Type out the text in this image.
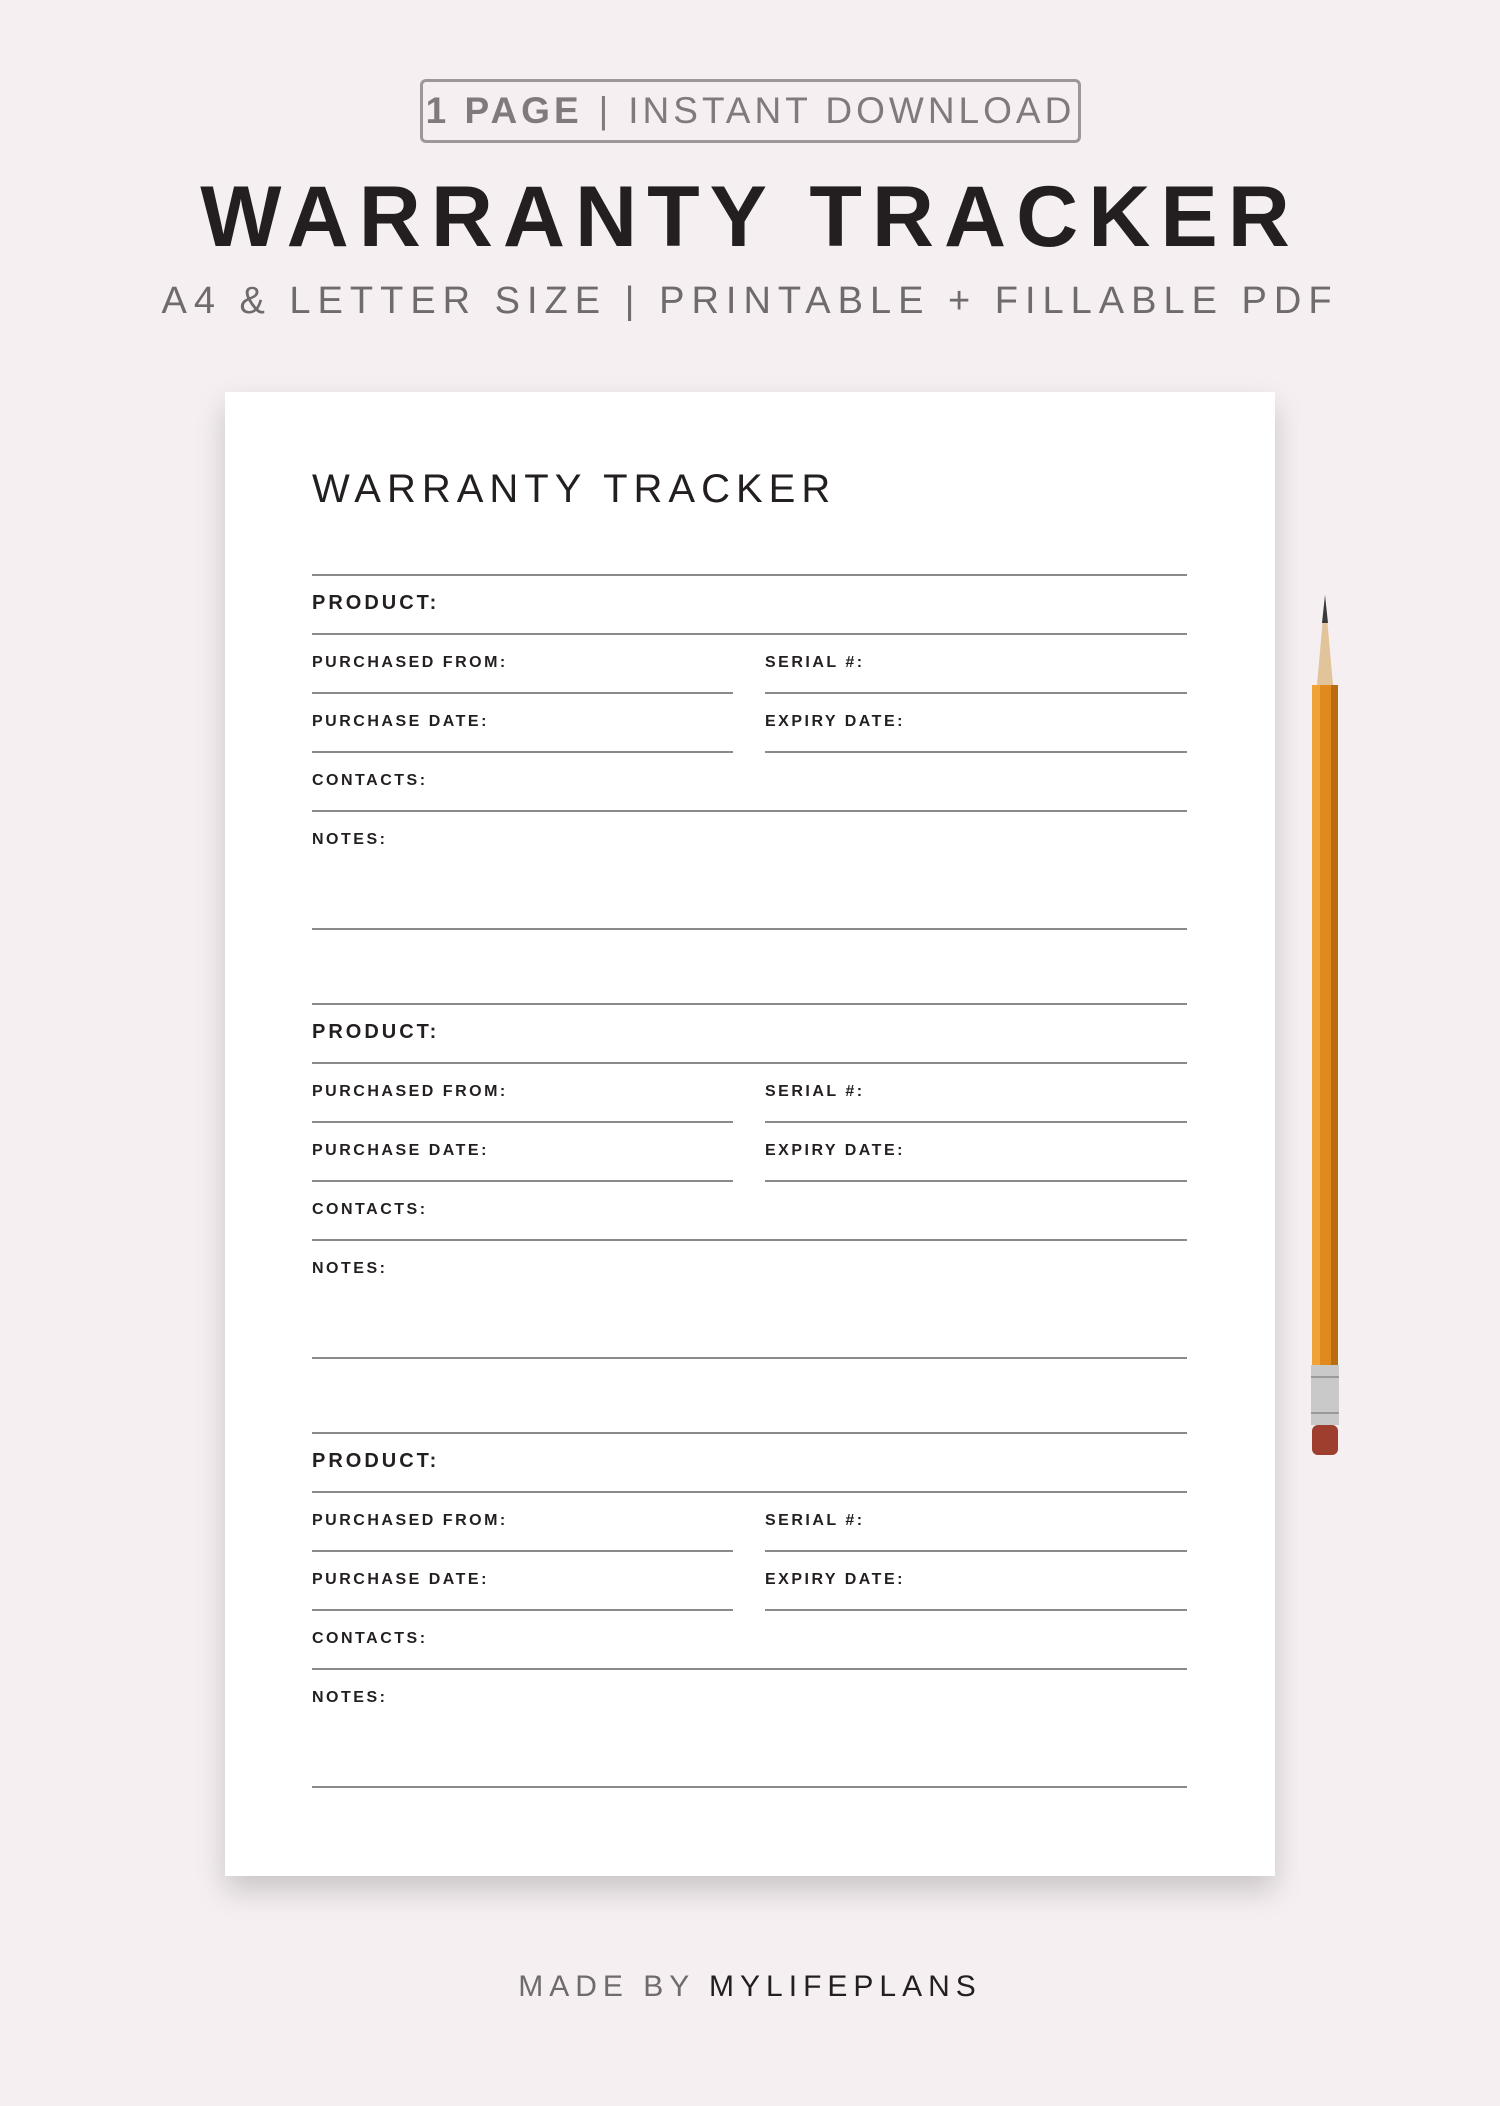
1 PAGE | INSTANT DOWNLOAD
WARRANTY TRACKER
A4 & LETTER SIZE | PRINTABLE + FILLABLE PDF
WARRANTY TRACKER
PRODUCT:
PURCHASED FROM:	SERIAL #:
PURCHASE DATE:	EXPIRY DATE:
CONTACTS:
NOTES:
PRODUCT:
PURCHASED FROM:	SERIAL #:
PURCHASE DATE:	EXPIRY DATE:
CONTACTS:
NOTES:
PRODUCT:
PURCHASED FROM:	SERIAL #:
PURCHASE DATE:	EXPIRY DATE:
CONTACTS:
NOTES:
MADE BY MYLIFEPLANS
